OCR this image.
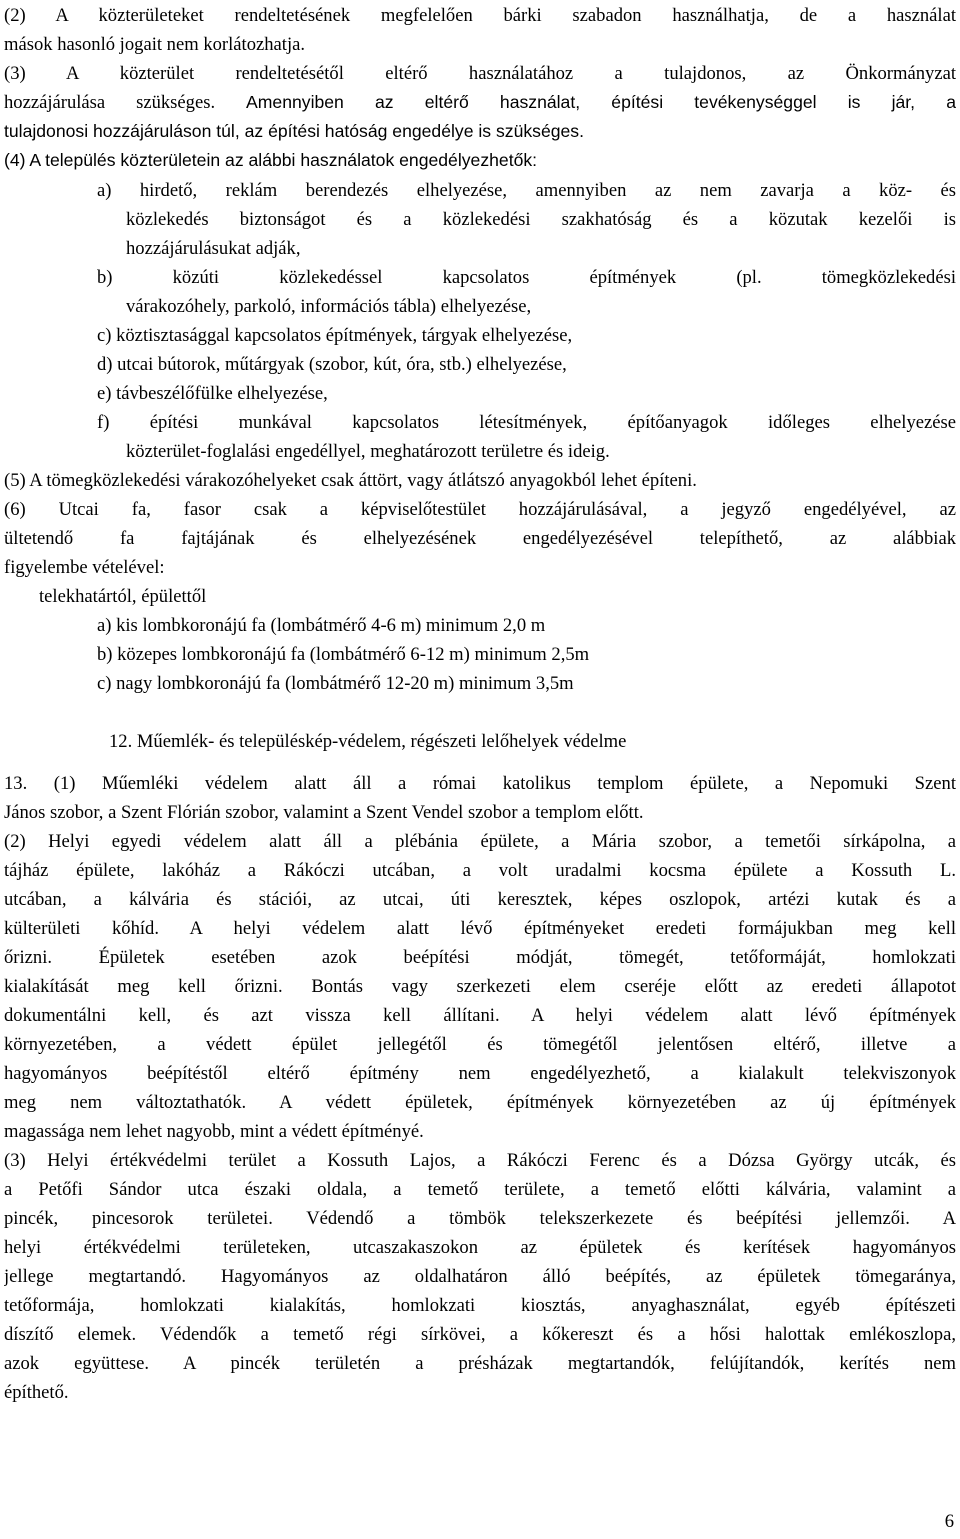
(2) A közterületeket rendeltetésének megfelelően bárki szabadon használhatja, de a használat
mások hasonló jogait nem korlátozhatja.
(3) A közterület rendeltetésétől eltérő használatához a tulajdonos, az Önkormányzat
hozzájárulása szükséges. Amennyiben az eltérő használat, építési tevékenységgel is jár, a
tulajdonosi hozzájáruláson túl, az építési hatóság engedélye is szükséges.
(4) A település közterületein az alábbi használatok engedélyezhetők:
a) hirdető, reklám berendezés elhelyezése, amennyiben az nem zavarja a köz- és
közlekedés biztonságot és a közlekedési szakhatóság és a közutak kezelői is
hozzájárulásukat adják,
b) közúti közlekedéssel kapcsolatos építmények (pl. tömegközlekedési
várakozóhely, parkoló, információs tábla) elhelyezése,
c) köztisztasággal kapcsolatos építmények, tárgyak elhelyezése,
d) utcai bútorok, műtárgyak (szobor, kút, óra, stb.) elhelyezése,
e) távbeszélőfülke elhelyezése,
f) építési munkával kapcsolatos létesítmények, építőanyagok időleges elhelyezése
közterület-foglalási engedéllyel, meghatározott területre és ideig.
(5) A tömegközlekedési várakozóhelyeket csak áttört, vagy átlátszó anyagokból lehet építeni.
(6) Utcai fa, fasor csak a képviselőtestület hozzájárulásával, a jegyző engedélyével, az
ültetendő fa fajtájának és elhelyezésének engedélyezésével telepíthető, az alábbiak
figyelembe vételével:
telekhatártól, épülettől
a) kis lombkoronájú fa (lombátmérő 4-6 m) minimum 2,0 m
b) közepes lombkoronájú fa (lombátmérő 6-12 m) minimum 2,5m
c) nagy lombkoronájú fa (lombátmérő 12-20 m) minimum 3,5m
12. Műemlék- és településkép-védelem, régészeti lelőhelyek védelme
13. (1) Műemléki védelem alatt áll a római katolikus templom épülete, a Nepomuki Szent
János szobor, a Szent Flórián szobor, valamint a Szent Vendel szobor a templom előtt.
(2) Helyi egyedi védelem alatt áll a plébánia épülete, a Mária szobor, a temetői sírkápolna, a
tájház épülete, lakóház a Rákóczi utcában, a volt uradalmi kocsma épülete a Kossuth L.
utcában, a kálvária és stációi, az utcai, úti keresztek, képes oszlopok, artézi kutak és a
külterületi kőhíd. A helyi védelem alatt lévő építményeket eredeti formájukban meg kell
őrizni. Épületek esetében azok beépítési módját, tömegét, tetőformáját, homlokzati
kialakítását meg kell őrizni. Bontás vagy szerkezeti elem cseréje előtt az eredeti állapotot
dokumentálni kell, és azt vissza kell állítani. A helyi védelem alatt lévő építmények
környezetében, a védett épület jellegétől és tömegétől jelentősen eltérő, illetve a
hagyományos beépítéstől eltérő építmény nem engedélyezhető, a kialakult telekviszonyok
meg nem változtathatók. A védett épületek, építmények környezetében az új építmények
magassága nem lehet nagyobb, mint a védett építményé.
(3) Helyi értékvédelmi terület a Kossuth Lajos, a Rákóczi Ferenc és a Dózsa György utcák, és
a Petőfi Sándor utca északi oldala, a temető területe, a temető előtti kálvária, valamint a
pincék, pincesorok területei. Védendő a tömbök telekszerkezete és beépítési jellemzői. A
helyi értékvédelmi területeken, utcaszakaszokon az épületek és kerítések hagyományos
jellege megtartandó. Hagyományos az oldalhatáron álló beépítés, az épületek tömegaránya,
tetőformája, homlokzati kialakítás, homlokzati kiosztás, anyaghasználat, egyéb építészeti
díszítő elemek. Védendők a temető régi sírkövei, a kőkereszt és a hősi halottak emlékoszlopa,
azok együttese. A pincék területén a présházak megtartandók, felújítandók, kerítés nem
építhető.
6
